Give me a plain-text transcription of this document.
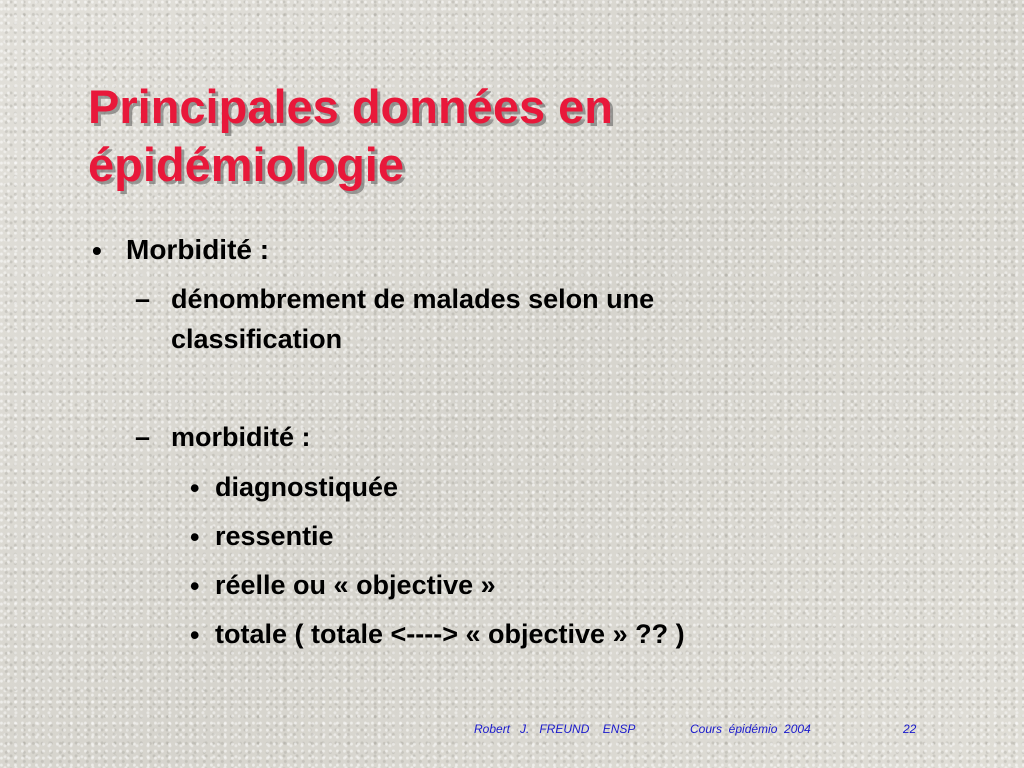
Principales données en
épidémiologie
• Morbidité :
– dénombrement de malades selon une
classification
– morbidité :
• diagnostiquée
• ressentie
• réelle ou « objective »
• totale ( totale <----> « objective » ?? )
Robert   J.   FREUND    ENSP	Cours  épidémio  2004	22
